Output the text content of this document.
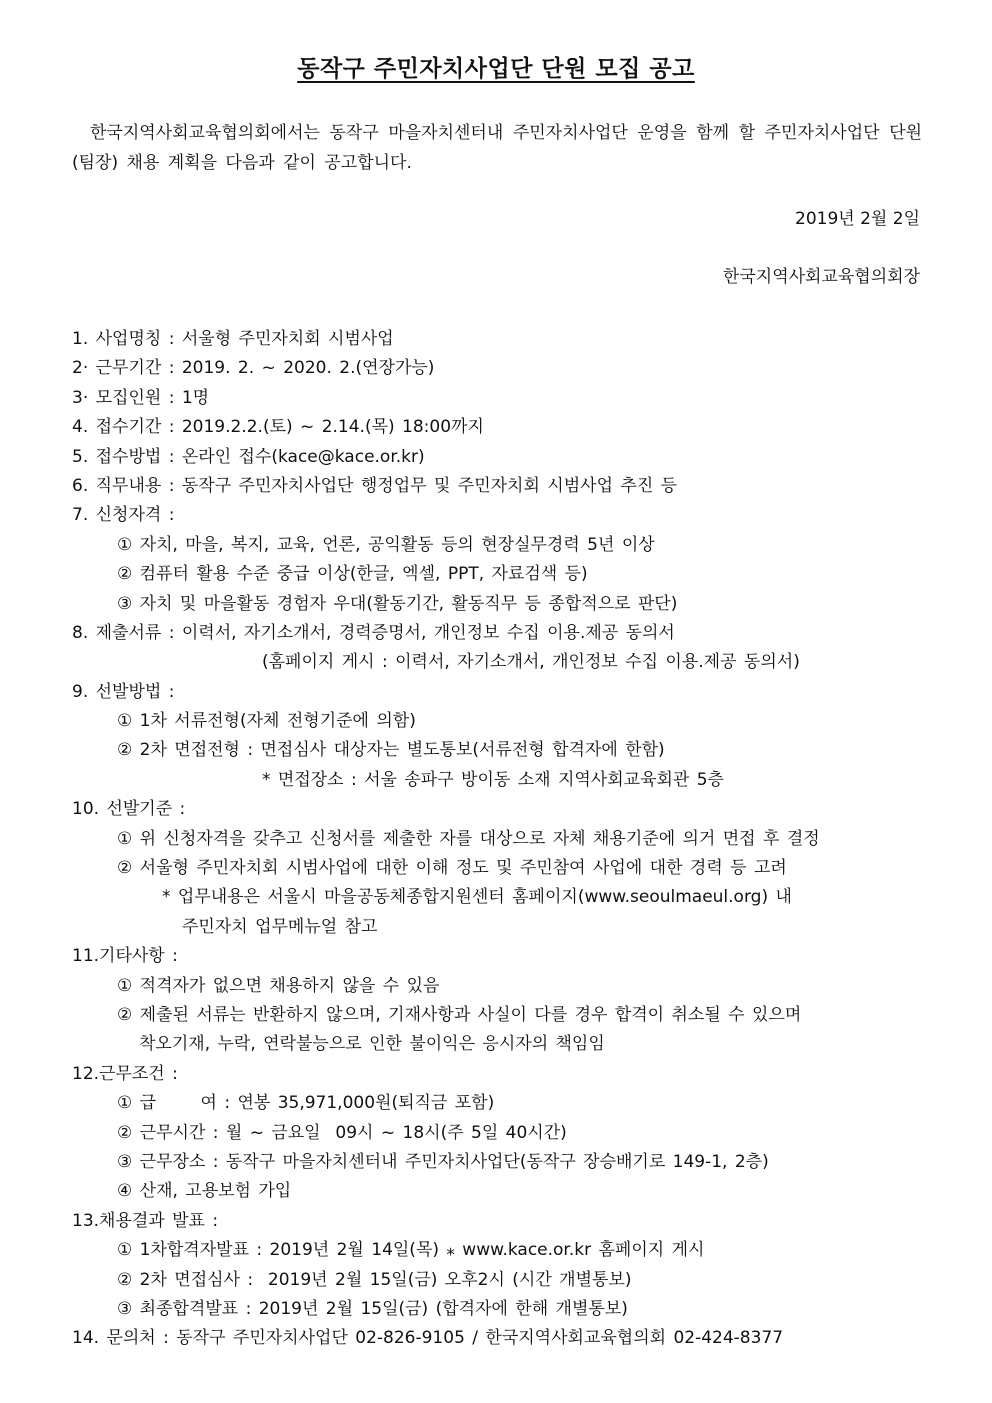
동작구 주민자치사업단 단원 모집 공고
한국지역사회교육협의회에서는 동작구 마을자치센터내 주민자치사업단 운영을 함께 할 주민자치사업단 단원(팀장) 채용 계획을 다음과 같이 공고합니다.
2019년 2월 2일
한국지역사회교육협의회장
1. 사업명칭 : 서울형 주민자치회 시범사업
2· 근무기간 : 2019. 2. ~ 2020. 2.(연장가능)
3· 모집인원 : 1명
4. 접수기간 : 2019.2.2.(토) ~ 2.14.(목) 18:00까지
5. 접수방법 : 온라인 접수(kace@kace.or.kr)
6. 직무내용 : 동작구 주민자치사업단 행정업무 및 주민자치회 시범사업 추진 등
7. 신청자격 :
① 자치, 마을, 복지, 교육, 언론, 공익활동 등의 현장실무경력 5년 이상
② 컴퓨터 활용 수준 중급 이상(한글, 엑셀, PPT, 자료검색 등)
③ 자치 및 마을활동 경험자 우대(활동기간, 활동직무 등 종합적으로 판단)
8. 제출서류 : 이력서, 자기소개서, 경력증명서, 개인정보 수집 이용.제공 동의서
(홈페이지 게시 : 이력서, 자기소개서, 개인정보 수집 이용.제공 동의서)
9. 선발방법 :
① 1차 서류전형(자체 전형기준에 의함)
② 2차 면접전형 : 면접심사 대상자는 별도통보(서류전형 합격자에 한함)
* 면접장소 : 서울 송파구 방이동 소재 지역사회교육회관 5층
10. 선발기준 :
① 위 신청자격을 갖추고 신청서를 제출한 자를 대상으로 자체 채용기준에 의거 면접 후 결정
② 서울형 주민자치회 시범사업에 대한 이해 정도 및 주민참여 사업에 대한 경력 등 고려
* 업무내용은 서울시 마을공동체종합지원센터 홈페이지(www.seoulmaeul.org) 내
주민자치 업무메뉴얼 참고
11.기타사항 :
① 적격자가 없으면 채용하지 않을 수 있음
② 제출된 서류는 반환하지 않으며, 기재사항과 사실이 다를 경우 합격이 취소될 수 있으며
착오기재, 누락, 연락불능으로 인한 불이익은 응시자의 책임임
12.근무조건 :
① 급      여 : 연봉 35,971,000원(퇴직금 포함)
② 근무시간 : 월 ~ 금요일  09시 ~ 18시(주 5일 40시간)
③ 근무장소 : 동작구 마을자치센터내 주민자치사업단(동작구 장승배기로 149-1, 2층)
④ 산재, 고용보험 가입
13.채용결과 발표 :
① 1차합격자발표 : 2019년 2월 14일(목) ⁎ www.kace.or.kr 홈페이지 게시
② 2차 면접심사 :  2019년 2월 15일(금) 오후2시 (시간 개별통보)
③ 최종합격발표 : 2019년 2월 15일(금) (합격자에 한해 개별통보)
14. 문의처 : 동작구 주민자치사업단 02-826-9105 / 한국지역사회교육협의회 02-424-8377
